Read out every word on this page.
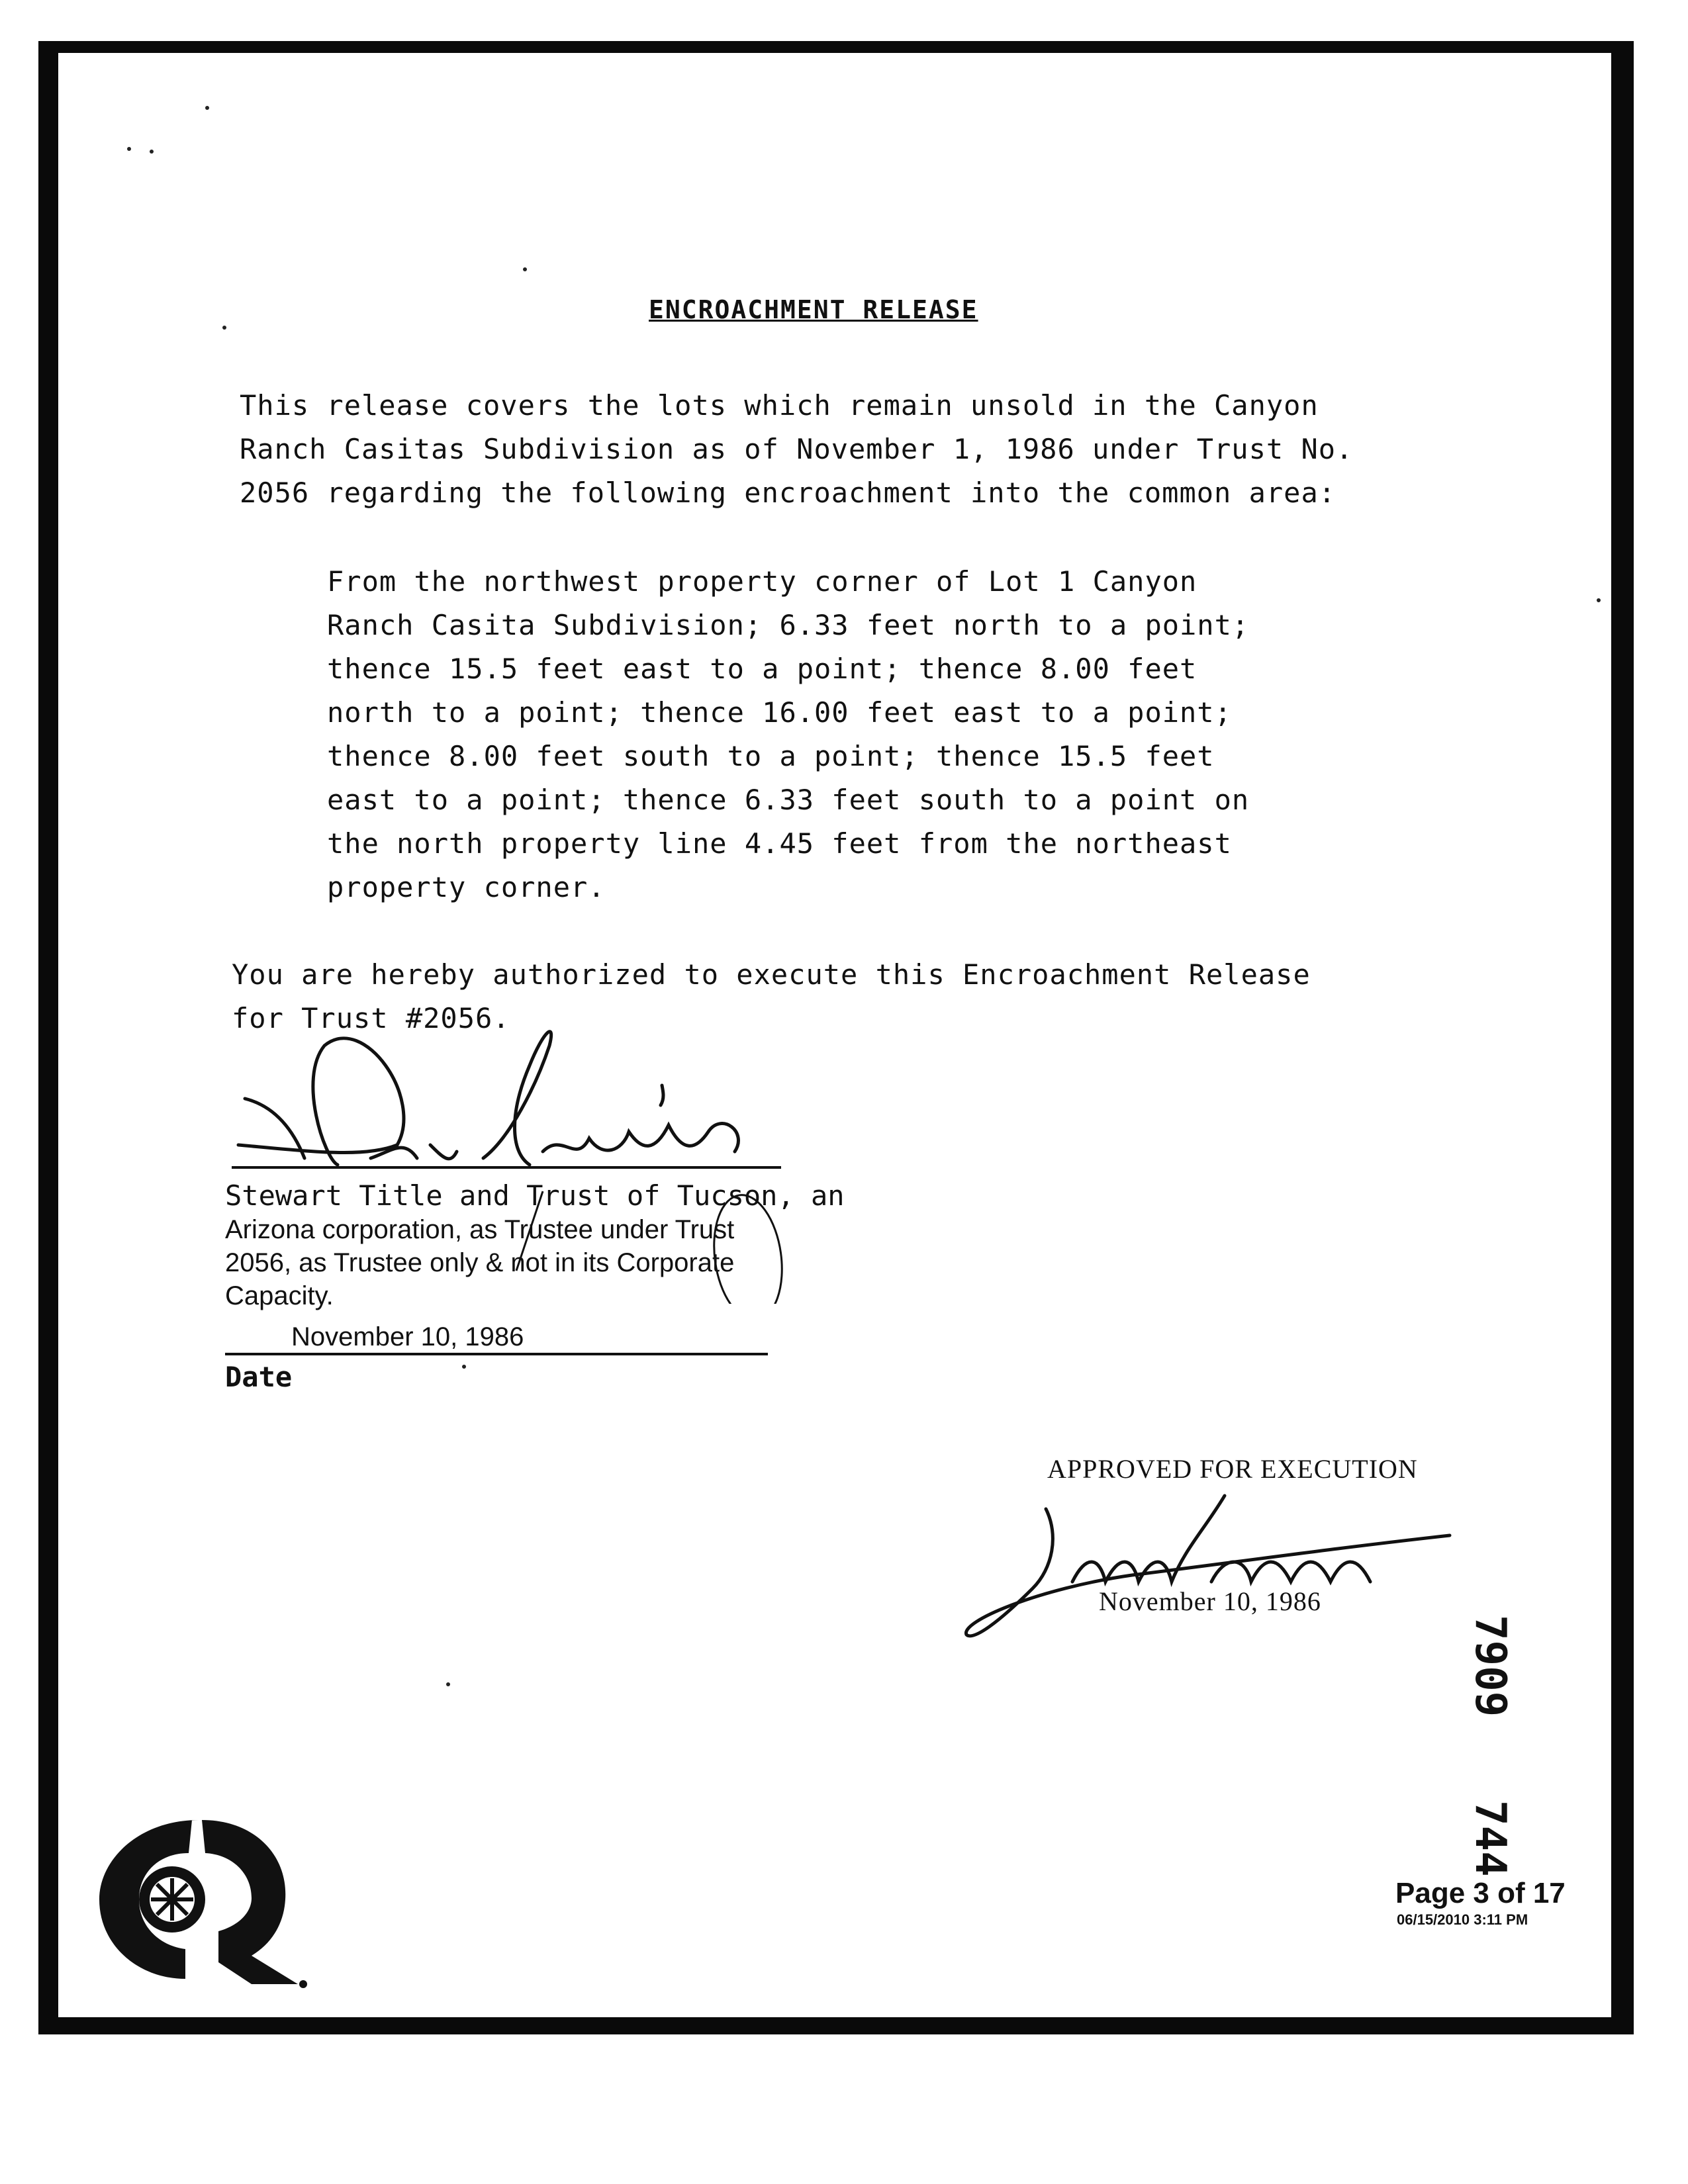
ENCROACHMENT RELEASE
This release covers the lots which remain unsold in the Canyon
Ranch Casitas Subdivision as of November 1, 1986 under Trust No.
2056 regarding the following encroachment into the common area:
From the northwest property corner of Lot 1 Canyon
Ranch Casita Subdivision; 6.33 feet north to a point;
thence 15.5 feet east to a point; thence 8.00 feet
north to a point; thence 16.00 feet east to a point;
thence 8.00 feet south to a point; thence 15.5 feet
east to a point; thence 6.33 feet south to a point on
the north property line 4.45 feet from the northeast
property corner.
You are hereby authorized to execute this Encroachment Release
for Trust #2056.
Stewart Title and Trust of Tucson, an
Arizona corporation, as Trustee under Trust
2056, as Trustee only & not in its Corporate
Capacity.
November 10, 1986
Date
APPROVED FOR EXECUTION
November 10, 1986
7909
744
Page 3 of 17
06/15/2010 3:11 PM
